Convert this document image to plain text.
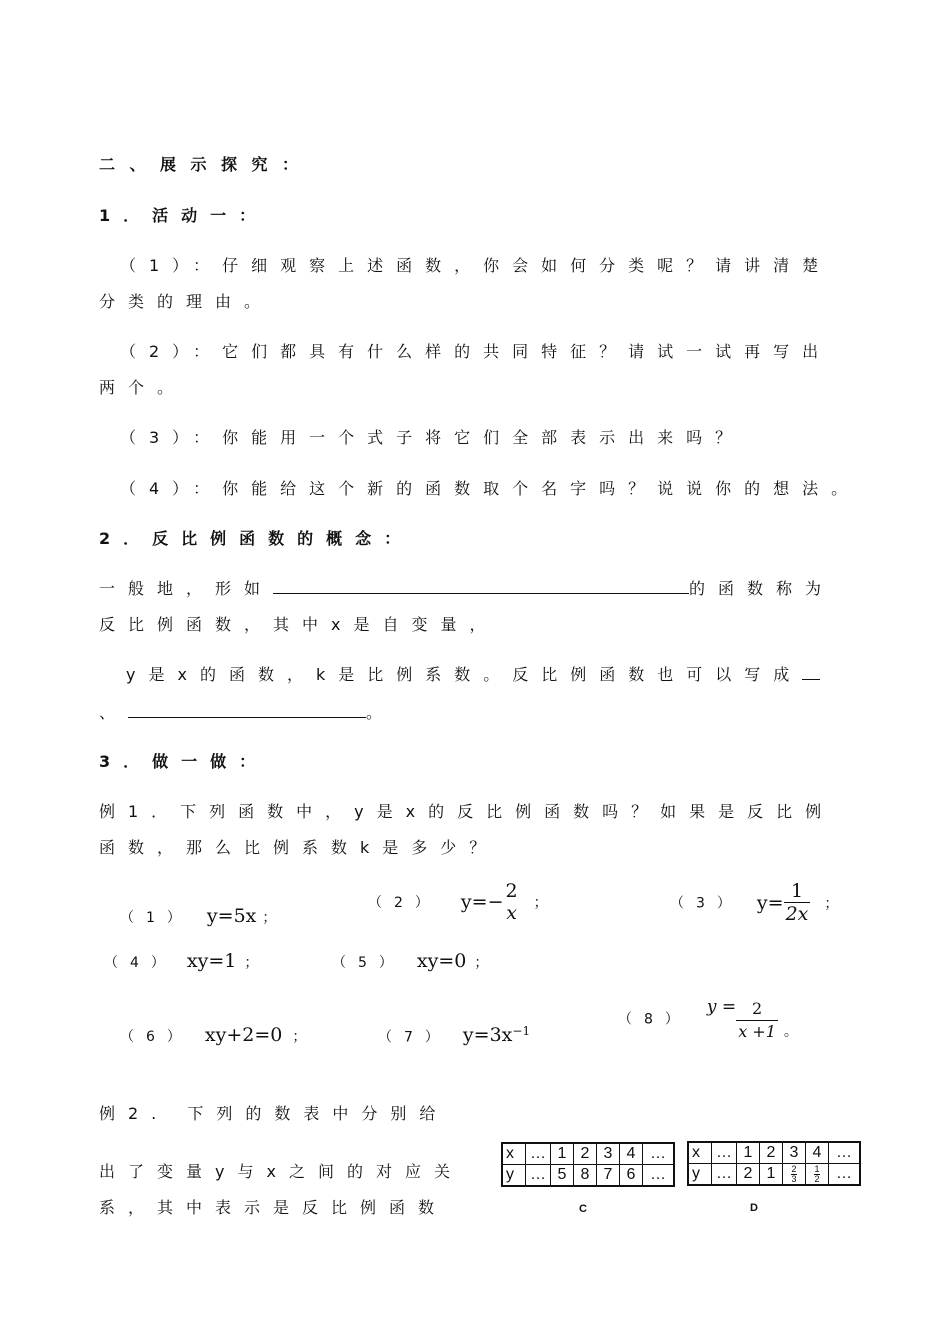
二、展示探究：
1．活动一：
（1）：仔细观察上述函数，你会如何分类呢？请讲清楚
分类的理由。
（2）：它们都具有什么样的共同特征？请试一试再写出
两个。
（3）：你能用一个式子将它们全部表示出来吗？
（4）：你能给这个新的函数取个名字吗？说说你的想法。
2．反比例函数的概念：
一般地，形如	的函数称为
反比例函数，其中x是自变量，
y是x的函数，k是比例系数。反比例函数也可以写成
、	。
3．做一做：
例1．下列函数中，y是x的反比例函数吗？如果是反比例
函数，那么比例系数k是多少？
（1） y=5x ；
（2） y=− 2
x ；	（3） $y= \frac{1}{2x}$ ；
（4） xy=1 ；	（5） xy=0 ；
（6） xy+2=0 ；	（7） $y=3x^{-1}$
$(8)y = \frac{2}{x +1}$ 。
例2. 下列的数表中分别给
出了变量y与x之间的对应关
系，其中表示是反比例函数
x	…	1	2	3	4	…
y	…	5	8	7	6	…
C
x	…	1	2	3	4	…
y	…	2	1	$\frac{2}{3}$	$\frac{1}{2}$	…
D
